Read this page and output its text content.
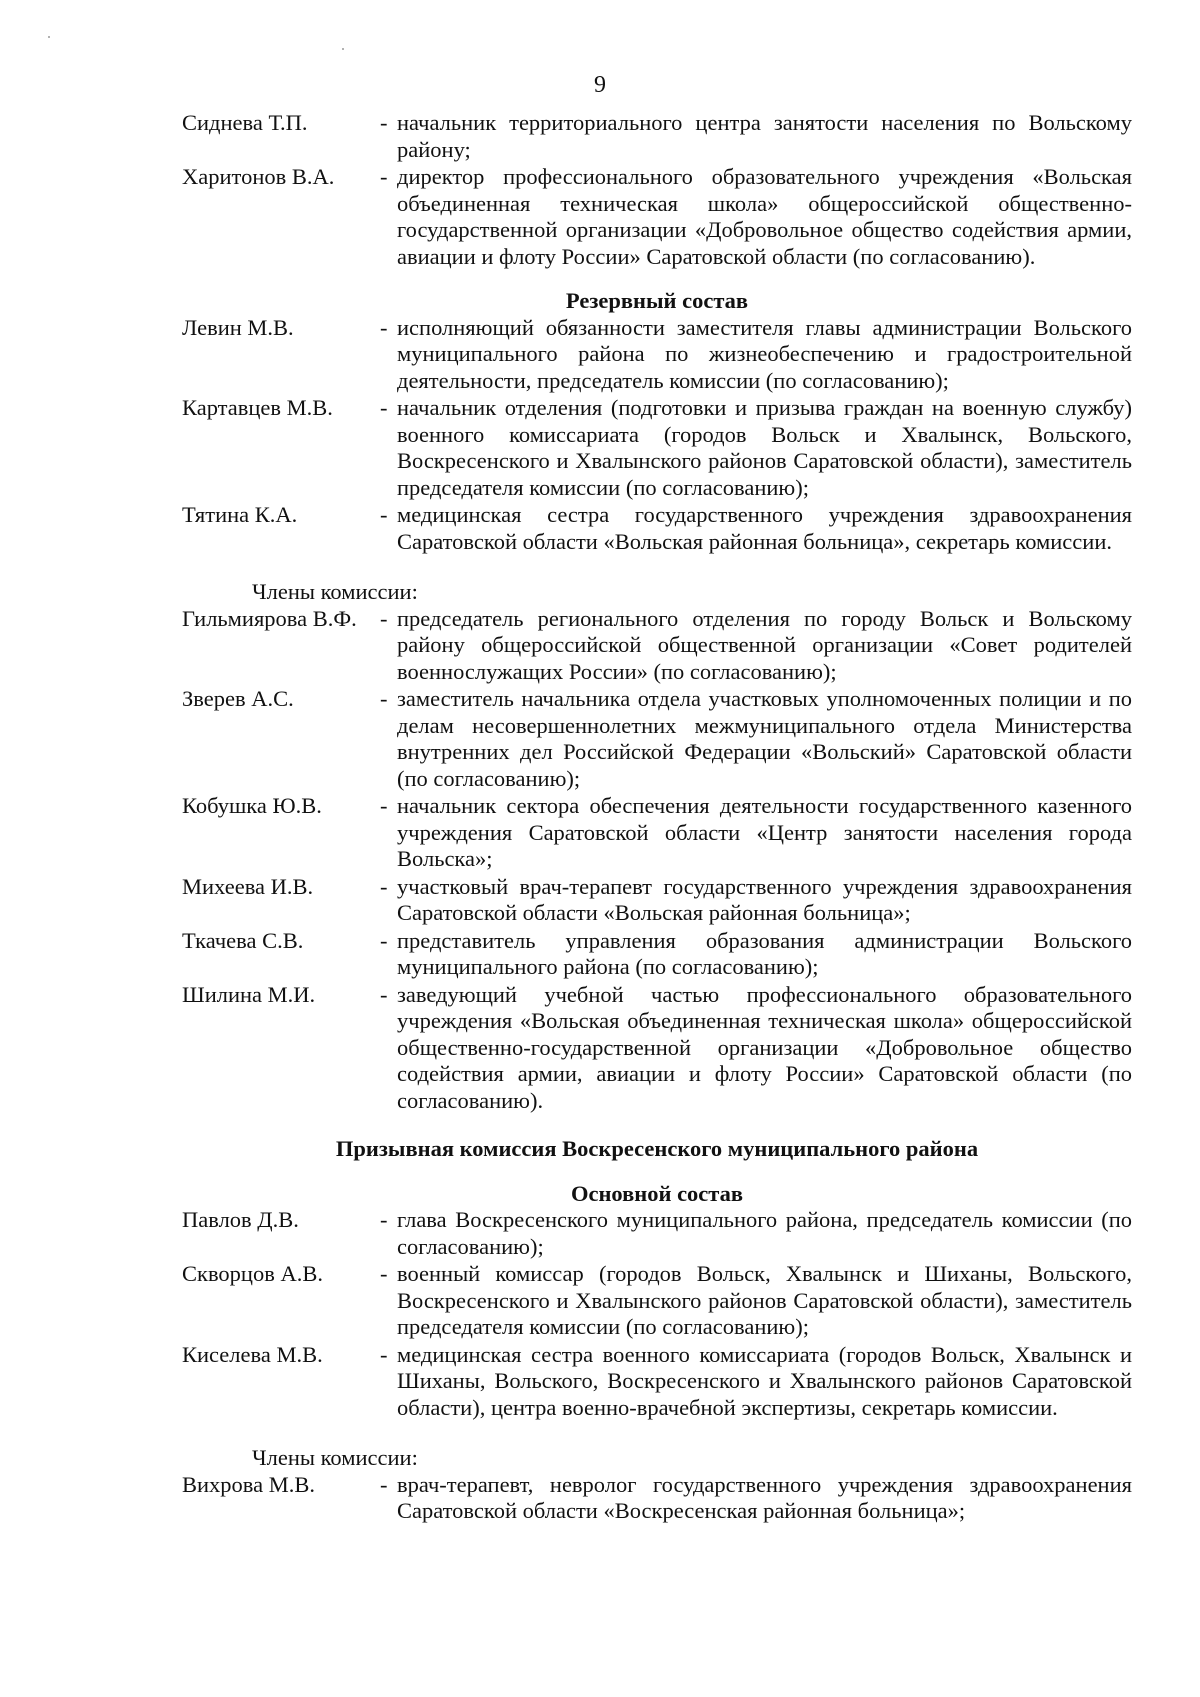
9
Сиднева Т.П.	- начальник территориального центра занятости населения по Вольскому району;
Харитонов В.А.	- директор профессионального образовательного учреждения «Вольская объединенная техническая школа» общероссийской общественно-государственной организации «Добровольное общество содействия армии, авиации и флоту России» Саратовской области (по согласованию).
Резервный состав
Левин М.В.	- исполняющий обязанности заместителя главы администрации Вольского муниципального района по жизнеобеспечению и градостроительной деятельности, председатель комиссии (по согласованию);
Картавцев М.В.	- начальник отделения (подготовки и призыва граждан на военную службу) военного комиссариата (городов Вольск и Хвалынск, Вольского, Воскресенского и Хвалынского районов Саратовской области), заместитель председателя комиссии (по согласованию);
Тятина К.А.	- медицинская сестра государственного учреждения здравоохранения Саратовской области «Вольская районная больница», секретарь комиссии.
Члены комиссии:
Гильмиярова В.Ф.	- председатель регионального отделения по городу Вольск и Вольскому району общероссийской общественной организации «Совет родителей военнослужащих России» (по согласованию);
Зверев А.С.	- заместитель начальника отдела участковых уполномоченных полиции и по делам несовершеннолетних межмуниципального отдела Министерства внутренних дел Российской Федерации «Вольский» Саратовской области (по согласованию);
Кобушка Ю.В.	- начальник сектора обеспечения деятельности государственного казенного учреждения Саратовской области «Центр занятости населения города Вольска»;
Михеева И.В.	- участковый врач-терапевт государственного учреждения здравоохранения Саратовской области «Вольская районная больница»;
Ткачева С.В.	- представитель управления образования администрации Вольского муниципального района (по согласованию);
Шилина М.И.	- заведующий учебной частью профессионального образовательного учреждения «Вольская объединенная техническая школа» общероссийской общественно-государственной организации «Добровольное общество содействия армии, авиации и флоту России» Саратовской области (по согласованию).
Призывная комиссия Воскресенского муниципального района
Основной состав
Павлов Д.В.	- глава Воскресенского муниципального района, председатель комиссии (по согласованию);
Скворцов А.В.	- военный комиссар (городов Вольск, Хвалынск и Шиханы, Вольского, Воскресенского и Хвалынского районов Саратовской области), заместитель председателя комиссии (по согласованию);
Киселева М.В.	- медицинская сестра военного комиссариата (городов Вольск, Хвалынск и Шиханы, Вольского, Воскресенского и Хвалынского районов Саратовской области), центра военно-врачебной экспертизы, секретарь комиссии.
Члены комиссии:
Вихрова М.В.	- врач-терапевт, невролог государственного учреждения здравоохранения Саратовской области «Воскресенская районная больница»;
